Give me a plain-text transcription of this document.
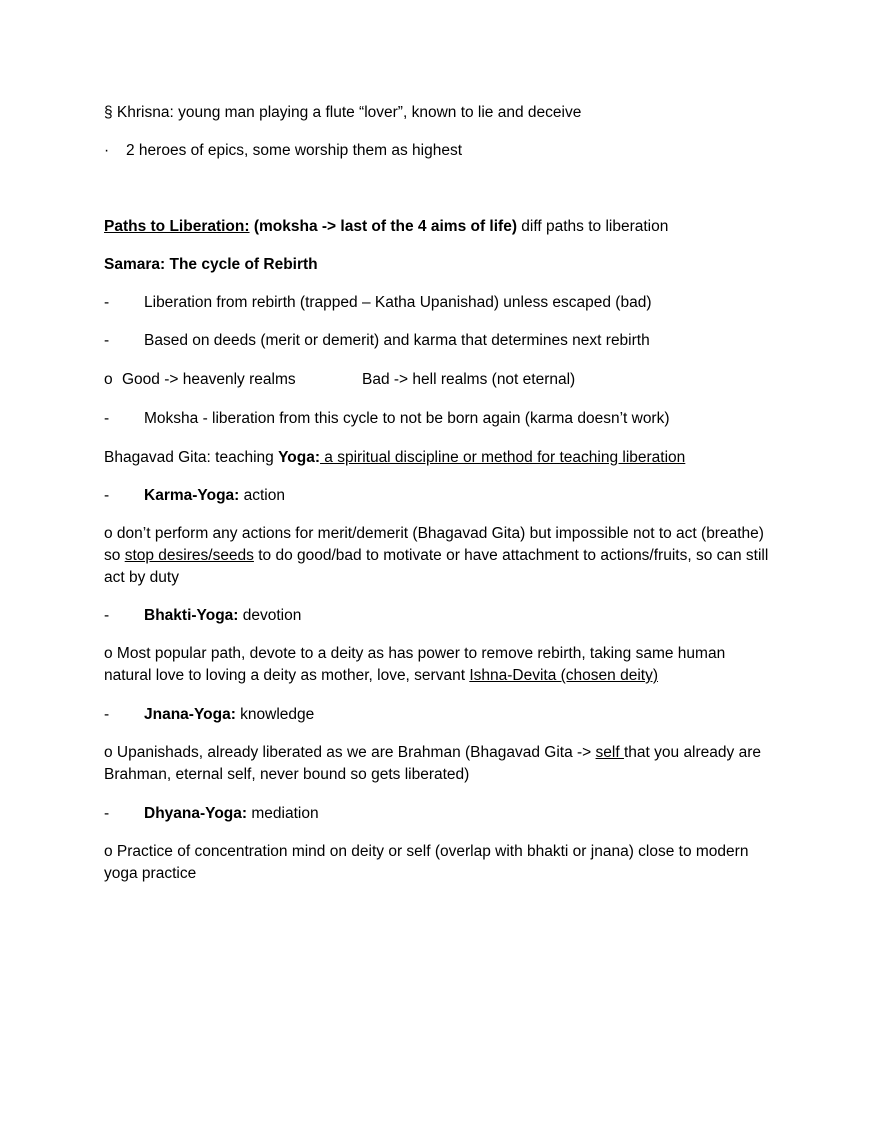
§ Khrisna: young man playing a flute “lover”, known to lie and deceive
· 2 heroes of epics, some worship them as highest
Paths to Liberation: (moksha -> last of the 4 aims of life) diff paths to liberation
Samara: The cycle of Rebirth
- Liberation from rebirth (trapped – Katha Upanishad) unless escaped (bad)
- Based on deeds (merit or demerit) and karma that determines next rebirth
o Good -> heavenly realms	Bad -> hell realms (not eternal)
- Moksha - liberation from this cycle to not be born again (karma doesn’t work)
Bhagavad Gita: teaching Yoga: a spiritual discipline or method for teaching liberation
- Karma-Yoga: action
o don’t perform any actions for merit/demerit (Bhagavad Gita) but impossible not to act (breathe) so stop desires/seeds to do good/bad to motivate or have attachment to actions/fruits, so can still act by duty
- Bhakti-Yoga: devotion
o Most popular path, devote to a deity as has power to remove rebirth, taking same human natural love to loving a deity as mother, love, servant Ishna-Devita (chosen deity)
- Jnana-Yoga: knowledge
o Upanishads, already liberated as we are Brahman (Bhagavad Gita -> self that you already are Brahman, eternal self, never bound so gets liberated)
- Dhyana-Yoga: mediation
o Practice of concentration mind on deity or self (overlap with bhakti or jnana) close to modern yoga practice
